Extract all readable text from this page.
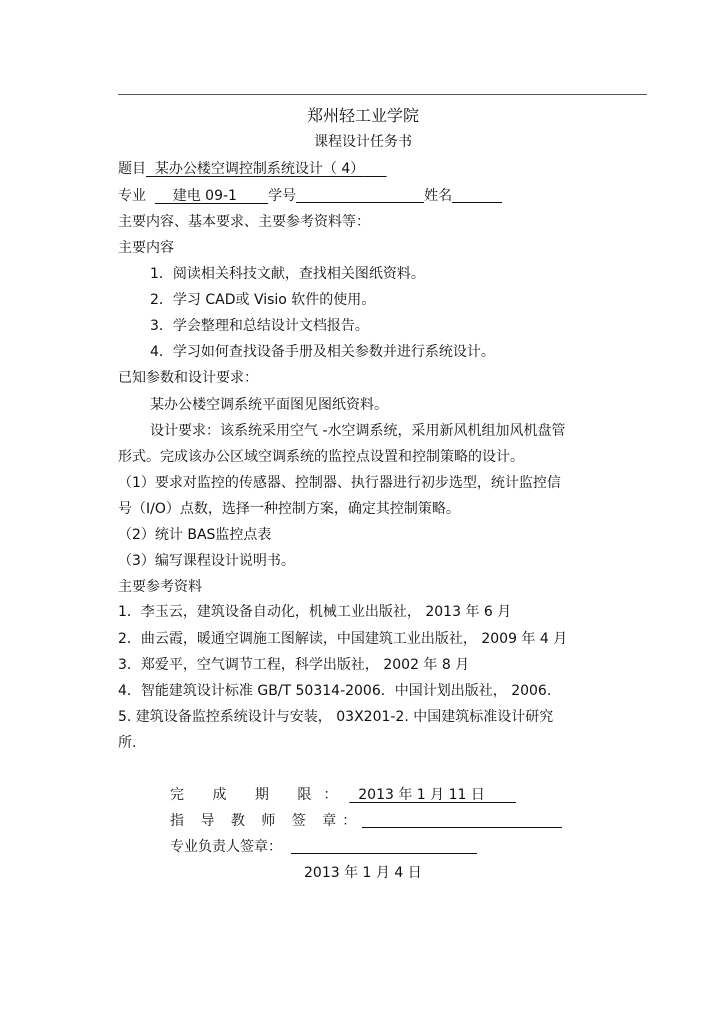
郑州轻工业学院
课程设计任务书
题目 某办公楼空调控制系统设计（ 4）
专业 建电 09-1 学号	姓名
主要内容、基本要求、主要参考资料等：
主要内容
1．阅读相关科技文献，查找相关图纸资料。
2．学习 CAD或 Visio 软件的使用。
3．学会整理和总结设计文档报告。
4．学习如何查找设备手册及相关参数并进行系统设计。
已知参数和设计要求：
某办公楼空调系统平面图见图纸资料。
设计要求：该系统采用空气 -水空调系统，采用新风机组加风机盘管
形式。完成该办公区域空调系统的监控点设置和控制策略的设计。
（1）要求对监控的传感器、控制器、执行器进行初步选型，统计监控信
号（I/O）点数，选择一种控制方案，确定其控制策略。
（2）统计 BAS监控点表
（3）编写课程设计说明书。
主要参考资料
1．李玉云，建筑设备自动化，机械工业出版社， 2013 年 6 月
2．曲云霞，暖通空调施工图解读，中国建筑工业出版社， 2009 年 4 月
3．郑爱平，空气调节工程，科学出版社， 2002 年 8 月
4．智能建筑设计标准 GB/T 50314-2006．中国计划出版社， 2006.
5. 建筑设备监控系统设计与安装， 03X201-2. 中国建筑标准设计研究
所.
完 成 期 限： 2013 年 1 月 11 日
指 导 教 师 签 章：
专业负责人签章：
2013 年 1 月 4 日
